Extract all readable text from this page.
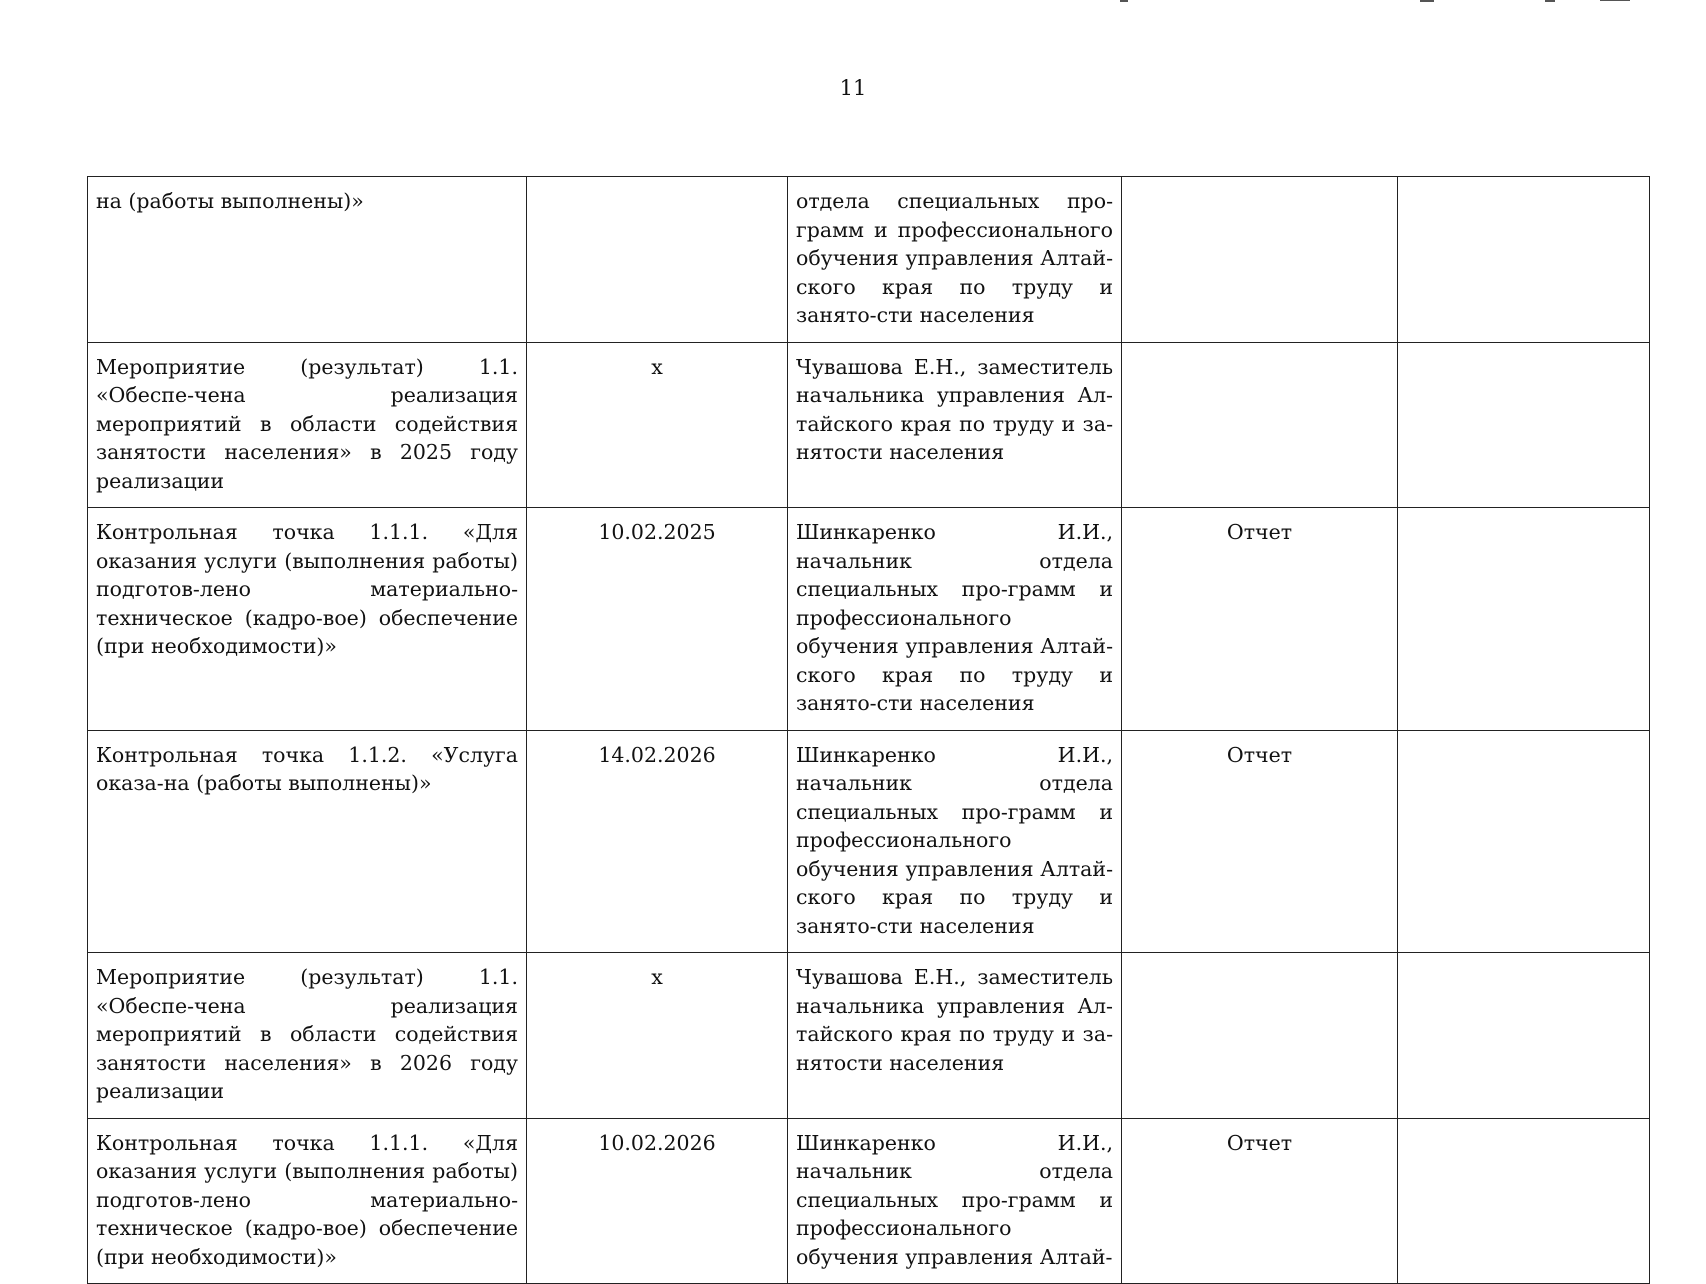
11
на (работы выполнены)»		отдела специальных про-грамм и профессионального обучения управления Алтай-ского края по труду и занято-сти населения		
Мероприятие (результат) 1.1. «Обеспе-чена реализация мероприятий в области содействия занятости населения» в 2025 году реализации	x	Чувашова Е.Н., заместитель начальника управления Ал-тайского края по труду и за-нятости населения		
Контрольная точка 1.1.1. «Для оказания услуги (выполнения работы) подготов-лено материально-техническое (кадро-вое) обеспечение (при необходимости)»	10.02.2025	Шинкаренко И.И., начальник отдела специальных про-грамм и профессионального обучения управления Алтай-ского края по труду и занято-сти населения	Отчет	
Контрольная точка 1.1.2. «Услуга оказа-на (работы выполнены)»	14.02.2026	Шинкаренко И.И., начальник отдела специальных про-грамм и профессионального обучения управления Алтай-ского края по труду и занято-сти населения	Отчет	
Мероприятие (результат) 1.1. «Обеспе-чена реализация мероприятий в области содействия занятости населения» в 2026 году реализации	x	Чувашова Е.Н., заместитель начальника управления Ал-тайского края по труду и за-нятости населения		
Контрольная точка 1.1.1. «Для оказания услуги (выполнения работы) подготов-лено материально-техническое (кадро-вое) обеспечение (при необходимости)»	10.02.2026	Шинкаренко И.И., начальник отдела специальных про-грамм и профессионального обучения управления Алтай-	Отчет	
